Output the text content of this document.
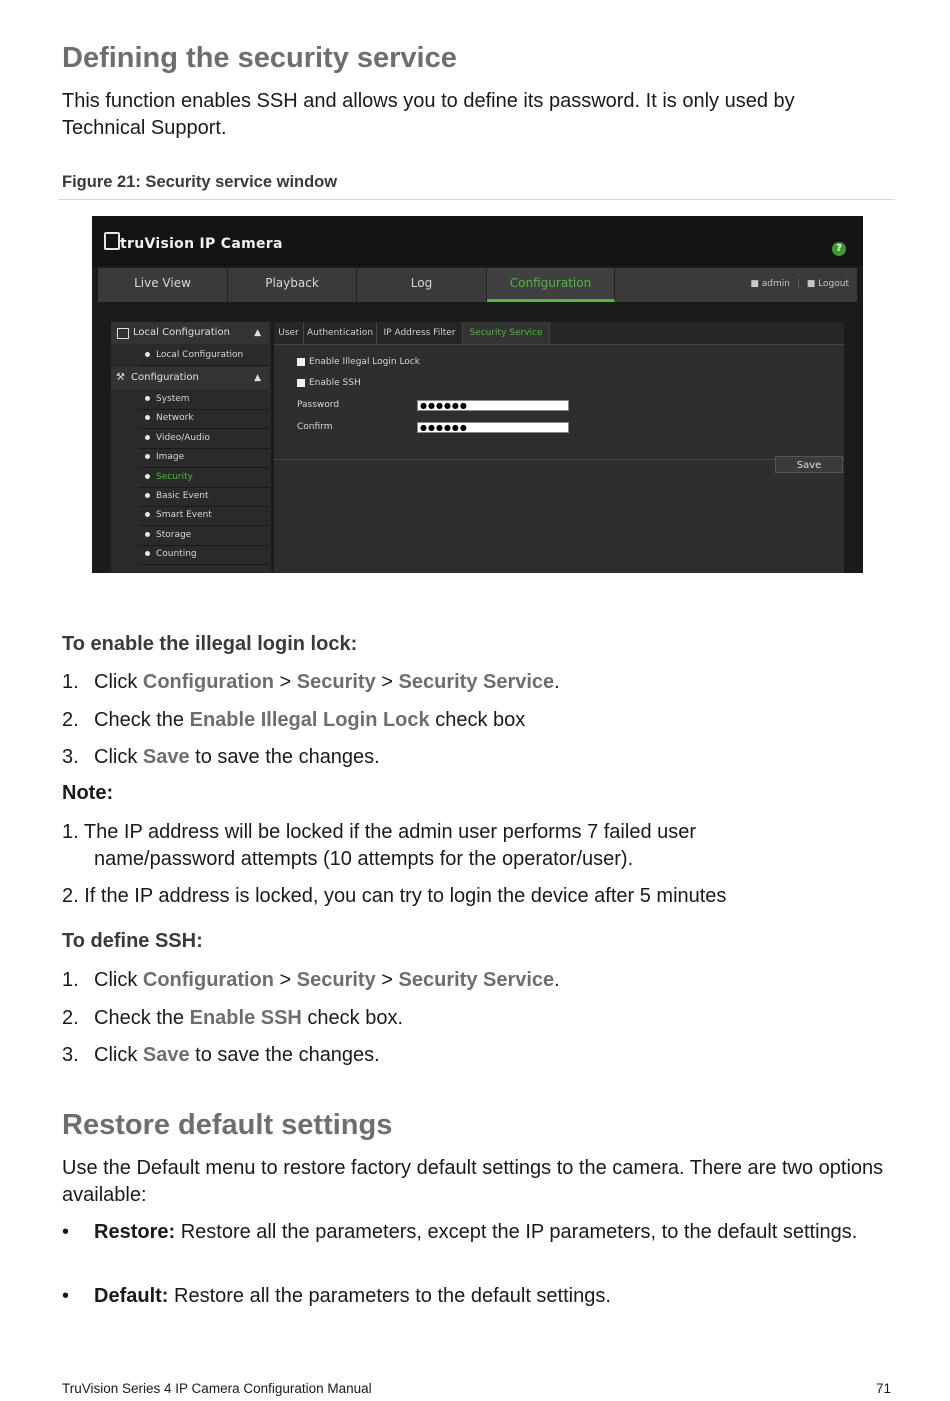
Defining the security service
This function enables SSH and allows you to define its password. It is only used by Technical Support.
Figure 21: Security service window
truVision IP Camera	?
Live View	Playback	Log	Configuration	■ admin | ■ Logout
Local Configuration	▲
Local Configuration
Configuration
⚒	▲
System
Network
Video/Audio
Image
Security
Basic Event
Smart Event
Storage
Counting
User Authentication	IP Address Filter	Security Service
Enable Illegal Login Lock
Enable SSH
Password	●●●●●●
Confirm	●●●●●●
Save
To enable the illegal login lock:
1. Click Configuration > Security > Security Service.
2. Check the Enable Illegal Login Lock check box
3. Click Save to save the changes.
Note:
1. The IP address will be locked if the admin user performs 7 failed user
name/password attempts (10 attempts for the operator/user).
2. If the IP address is locked, you can try to login the device after 5 minutes
To define SSH:
1. Click Configuration > Security > Security Service.
2. Check the Enable SSH check box.
3. Click Save to save the changes.
Restore default settings
Use the Default menu to restore factory default settings to the camera. There are two options available:
• Restore: Restore all the parameters, except the IP parameters, to the default settings.
• Default: Restore all the parameters to the default settings.
TruVision Series 4 IP Camera Configuration Manual	71
